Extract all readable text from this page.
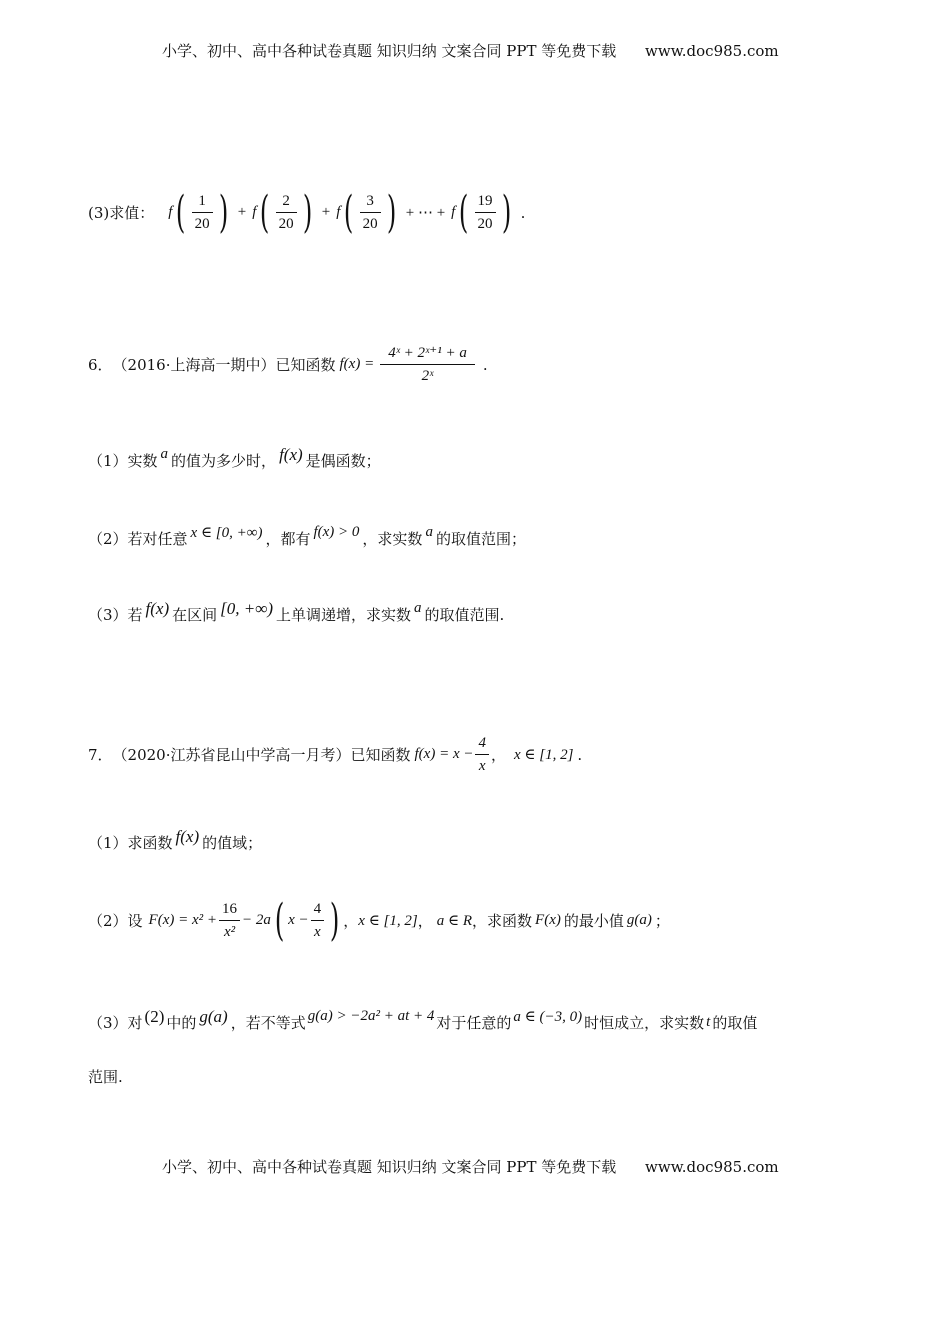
小学、初中、高中各种试卷真题 知识归纳 文案合同 PPT 等免费下载 www.doc985.com
(3)求值： f ( $\frac{1}{20}$ ) + f ( $\frac{2}{20}$ ) + f ( $\frac{3}{20}$ ) + ⋯ + f ( $\frac{19}{20}$ ) .
6． （2016·上海高一期中）已知函数 $f(x) = \frac{\text{4ˣ + 2ˣ⁺¹ + a}}{\text{2ˣ}}$ .
（1）实数 a 的值为多少时， f(x) 是偶函数；
（2）若对任意 x ∈ [0, +∞) ，都有 f(x) > 0 ，求实数 a 的取值范围；
（3）若 f(x) 在区间 [0, +∞) 上单调递增，求实数 a 的取值范围.
7． （2020·江苏省昆山中学高一月考）已知函数 $f(x) = x - \frac{4}{x}$ ， x ∈ [1, 2] .
（1）求函数 f(x) 的值域；
（2）设 $F(x) = x^2 + \frac{16}{\text{x²}} - 2a$ ( $x - \frac{4}{x}$ ) ， x ∈ [1, 2] ， a ∈ R ，求函数 F(x) 的最小值 g(a) ；
（3）对 (2) 中的 g(a) ，若不等式 g(a) > −2a² + at + 4 对于任意的 a ∈ (−3, 0) 时恒成立，求实数 t 的取值
范围.
小学、初中、高中各种试卷真题 知识归纳 文案合同 PPT 等免费下载 www.doc985.com
